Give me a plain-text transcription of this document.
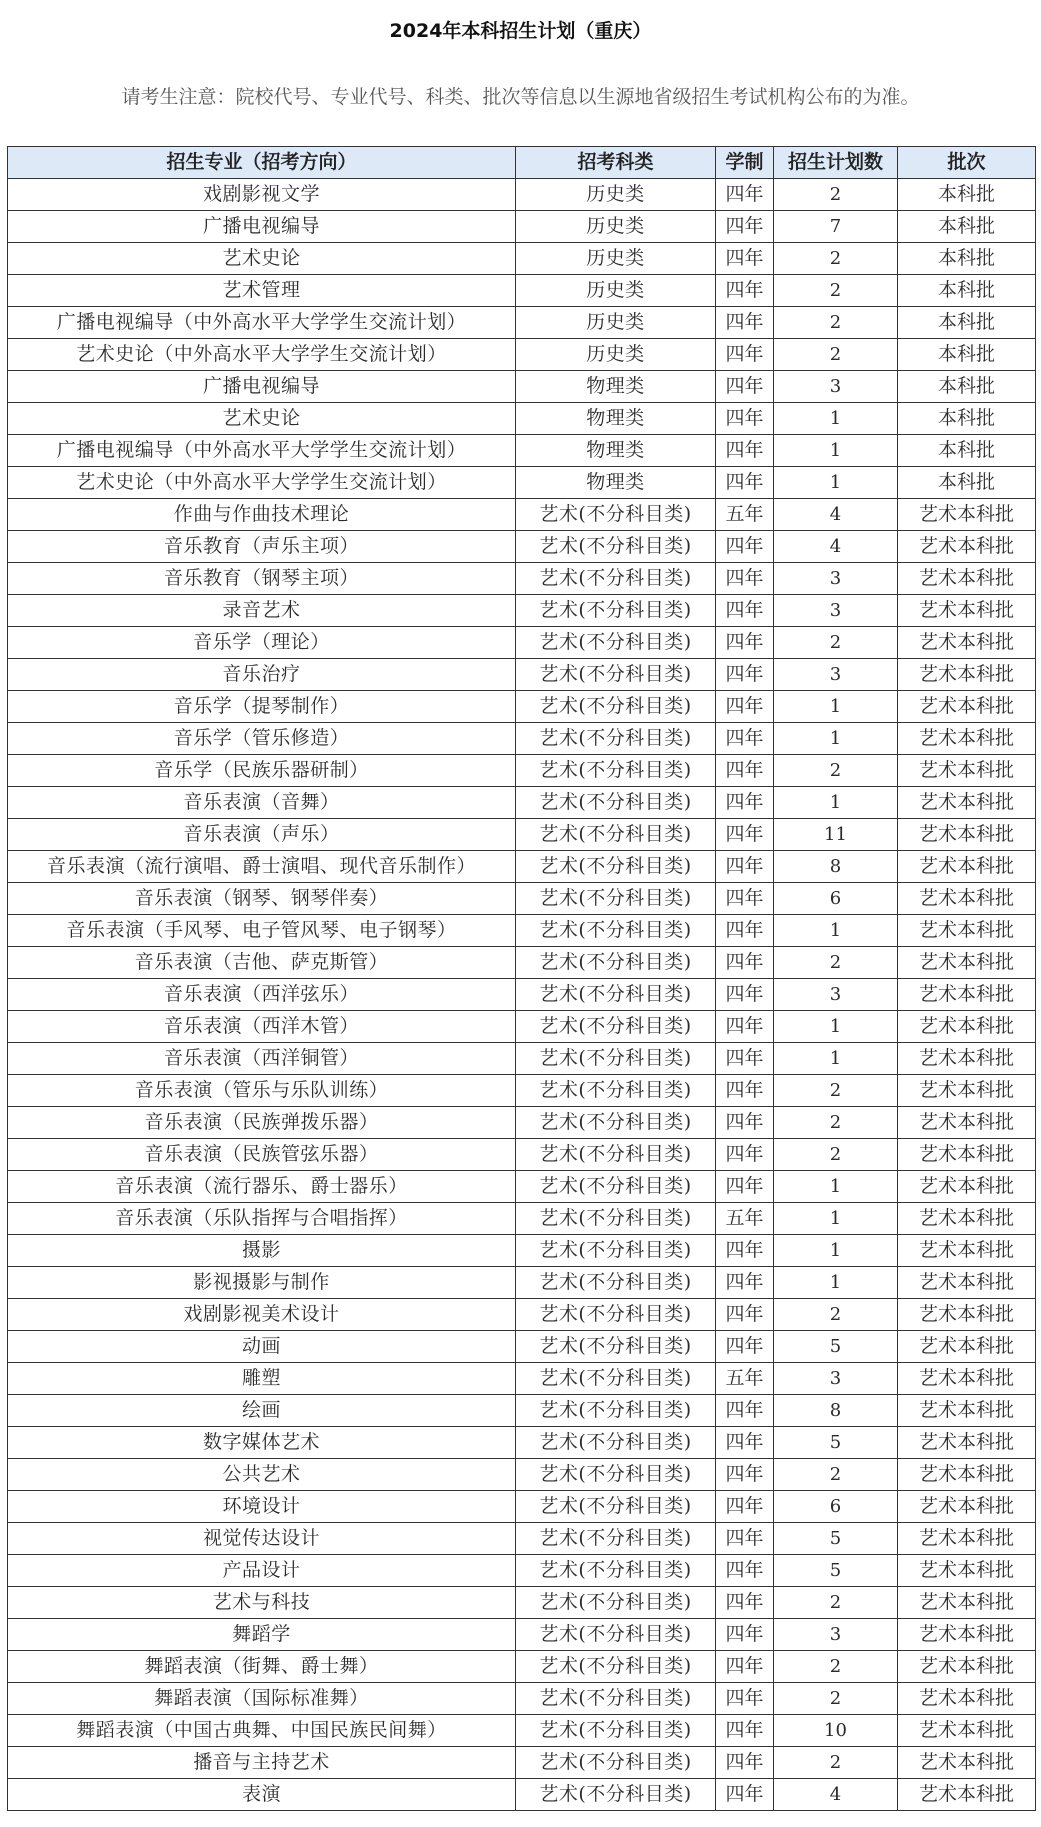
2024年本科招生计划（重庆）
请考生注意：院校代号、专业代号、科类、批次等信息以生源地省级招生考试机构公布的为准。
招生专业（招考方向）	招考科类	学制	招生计划数	批次
戏剧影视文学	历史类	四年	2	本科批
广播电视编导	历史类	四年	7	本科批
艺术史论	历史类	四年	2	本科批
艺术管理	历史类	四年	2	本科批
广播电视编导（中外高水平大学学生交流计划）	历史类	四年	2	本科批
艺术史论（中外高水平大学学生交流计划）	历史类	四年	2	本科批
广播电视编导	物理类	四年	3	本科批
艺术史论	物理类	四年	1	本科批
广播电视编导（中外高水平大学学生交流计划）	物理类	四年	1	本科批
艺术史论（中外高水平大学学生交流计划）	物理类	四年	1	本科批
作曲与作曲技术理论	艺术(不分科目类)	五年	4	艺术本科批
音乐教育（声乐主项）	艺术(不分科目类)	四年	4	艺术本科批
音乐教育（钢琴主项）	艺术(不分科目类)	四年	3	艺术本科批
录音艺术	艺术(不分科目类)	四年	3	艺术本科批
音乐学（理论）	艺术(不分科目类)	四年	2	艺术本科批
音乐治疗	艺术(不分科目类)	四年	3	艺术本科批
音乐学（提琴制作）	艺术(不分科目类)	四年	1	艺术本科批
音乐学（管乐修造）	艺术(不分科目类)	四年	1	艺术本科批
音乐学（民族乐器研制）	艺术(不分科目类)	四年	2	艺术本科批
音乐表演（音舞）	艺术(不分科目类)	四年	1	艺术本科批
音乐表演（声乐）	艺术(不分科目类)	四年	11	艺术本科批
音乐表演（流行演唱、爵士演唱、现代音乐制作）	艺术(不分科目类)	四年	8	艺术本科批
音乐表演（钢琴、钢琴伴奏）	艺术(不分科目类)	四年	6	艺术本科批
音乐表演（手风琴、电子管风琴、电子钢琴）	艺术(不分科目类)	四年	1	艺术本科批
音乐表演（吉他、萨克斯管）	艺术(不分科目类)	四年	2	艺术本科批
音乐表演（西洋弦乐）	艺术(不分科目类)	四年	3	艺术本科批
音乐表演（西洋木管）	艺术(不分科目类)	四年	1	艺术本科批
音乐表演（西洋铜管）	艺术(不分科目类)	四年	1	艺术本科批
音乐表演（管乐与乐队训练）	艺术(不分科目类)	四年	2	艺术本科批
音乐表演（民族弹拨乐器）	艺术(不分科目类)	四年	2	艺术本科批
音乐表演（民族管弦乐器）	艺术(不分科目类)	四年	2	艺术本科批
音乐表演（流行器乐、爵士器乐）	艺术(不分科目类)	四年	1	艺术本科批
音乐表演（乐队指挥与合唱指挥）	艺术(不分科目类)	五年	1	艺术本科批
摄影	艺术(不分科目类)	四年	1	艺术本科批
影视摄影与制作	艺术(不分科目类)	四年	1	艺术本科批
戏剧影视美术设计	艺术(不分科目类)	四年	2	艺术本科批
动画	艺术(不分科目类)	四年	5	艺术本科批
雕塑	艺术(不分科目类)	五年	3	艺术本科批
绘画	艺术(不分科目类)	四年	8	艺术本科批
数字媒体艺术	艺术(不分科目类)	四年	5	艺术本科批
公共艺术	艺术(不分科目类)	四年	2	艺术本科批
环境设计	艺术(不分科目类)	四年	6	艺术本科批
视觉传达设计	艺术(不分科目类)	四年	5	艺术本科批
产品设计	艺术(不分科目类)	四年	5	艺术本科批
艺术与科技	艺术(不分科目类)	四年	2	艺术本科批
舞蹈学	艺术(不分科目类)	四年	3	艺术本科批
舞蹈表演（街舞、爵士舞）	艺术(不分科目类)	四年	2	艺术本科批
舞蹈表演（国际标准舞）	艺术(不分科目类)	四年	2	艺术本科批
舞蹈表演（中国古典舞、中国民族民间舞）	艺术(不分科目类)	四年	10	艺术本科批
播音与主持艺术	艺术(不分科目类)	四年	2	艺术本科批
表演	艺术(不分科目类)	四年	4	艺术本科批
